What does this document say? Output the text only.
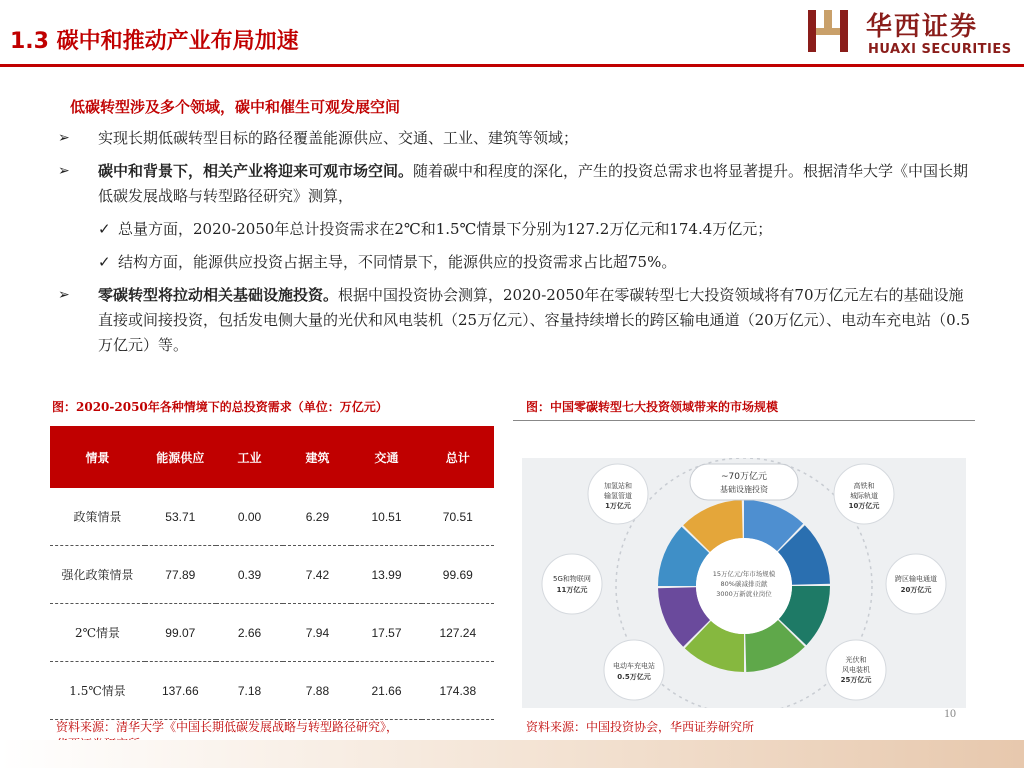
1.3 碳中和推动产业布局加速	华西证券
HUAXI SECURITIES
低碳转型涉及多个领域，碳中和催生可观发展空间
➢ 实现长期低碳转型目标的路径覆盖能源供应、交通、工业、建筑等领域；
➢ 碳中和背景下，相关产业将迎来可观市场空间。随着碳中和程度的深化，产生的投资总需求也将显著提升。根据清华大学《中国长期低碳发展战略与转型路径研究》测算，
✓ 总量方面，2020-2050年总计投资需求在2℃和1.5℃情景下分别为127.2万亿元和174.4万亿元；
✓ 结构方面，能源供应投资占据主导，不同情景下，能源供应的投资需求占比超75%。
➢ 零碳转型将拉动相关基础设施投资。根据中国投资协会测算，2020-2050年在零碳转型七大投资领域将有70万亿元左右的基础设施直接或间接投资，包括发电侧大量的光伏和风电装机（25万亿元）、容量持续增长的跨区输电通道（20万亿元）、电动车充电站（0.5万亿元）等。
图：2020-2050年各种情境下的总投资需求（单位：万亿元）	图：中国零碳转型七大投资领域带来的市场规模
情景	能源供应	工业	建筑	交通	总计
政策情景	53.71	0.00	6.29	10.51	70.51
强化政策情景	77.89	0.39	7.42	13.99	99.69
2℃情景	99.07	2.66	7.94	17.57	127.24
1.5℃情景	137.66	7.18	7.88	21.66	174.38
15万亿元/年市场规模
80%碳减排贡献
3000万新就业岗位
~70万亿元
基础设施投资
加氢站和
输氢管道
1万亿元
高铁和
城际轨道
10万亿元
5G和物联网
11万亿元
跨区输电通道
20万亿元
电动车充电站
0.5万亿元
光伏和
风电装机
25万亿元
10
资料来源：清华大学《中国长期低碳发展战略与转型路径研究》，	资料来源：中国投资协会，华西证券研究所
